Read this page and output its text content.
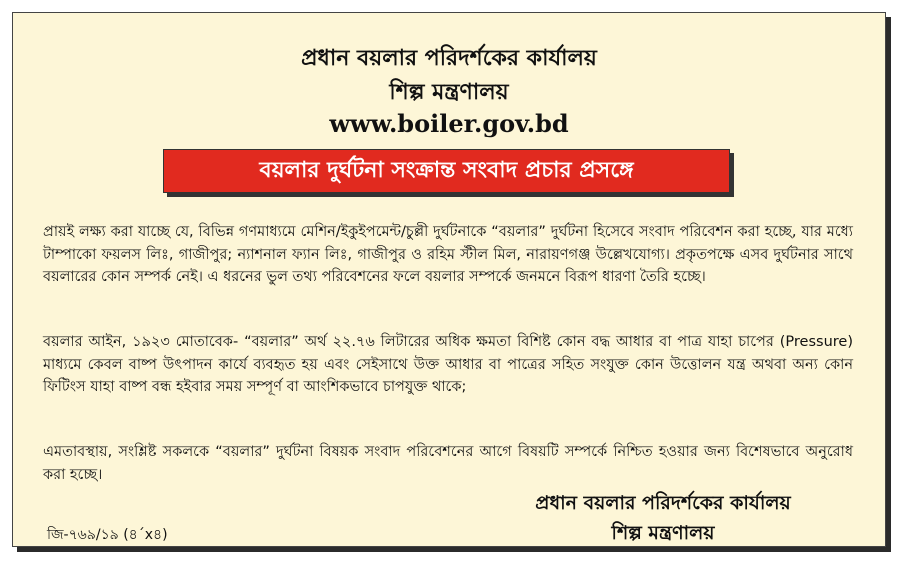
প্রধান বয়লার পরিদর্শকের কার্যালয়
শিল্প মন্ত্রণালয়
www.boiler.gov.bd
বয়লার দুর্ঘটনা সংক্রান্ত সংবাদ প্রচার প্রসঙ্গে
প্রায়ই লক্ষ্য করা যাচ্ছে যে, বিভিন্ন গণমাধ্যমে মেশিন/ইকুইপমেন্ট/চুল্লী দুর্ঘটনাকে “বয়লার” দুর্ঘটনা হিসেবে সংবাদ পরিবেশন করা হচ্ছে, যার মধ্যে টাম্পাকো ফয়লস লিঃ, গাজীপুর; ন্যাশনাল ফ্যান লিঃ, গাজীপুর ও রহিম স্টীল মিল, নারায়ণগঞ্জ উল্লেখযোগ্য। প্রকৃতপক্ষে এসব দুর্ঘটনার সাথে বয়লারের কোন সম্পর্ক নেই। এ ধরনের ভুল তথ্য পরিবেশনের ফলে বয়লার সম্পর্কে জনমনে বিরূপ ধারণা তৈরি হচ্ছে।
বয়লার আইন, ১৯২৩ মোতাবেক- “বয়লার” অর্থ ২২.৭৬ লিটারের অধিক ক্ষমতা বিশিষ্ট কোন বদ্ধ আধার বা পাত্র যাহা চাপের (Pressure) মাধ্যমে কেবল বাষ্প উৎপাদন কার্যে ব্যবহৃত হয় এবং সেইসাথে উক্ত আধার বা পাত্রের সহিত সংযুক্ত কোন উত্তোলন যন্ত্র অথবা অন্য কোন ফিটিংস যাহা বাষ্প বন্ধ হইবার সময় সম্পূর্ণ বা আংশিকভাবে চাপযুক্ত থাকে;
এমতাবস্থায়, সংশ্লিষ্ট সকলকে “বয়লার” দুর্ঘটনা বিষয়ক সংবাদ পরিবেশনের আগে বিষয়টি সম্পর্কে নিশ্চিত হওয়ার জন্য বিশেষভাবে অনুরোধ করা হচ্ছে।
জি-৭৬৯/১৯ (৪´x৪)
প্রধান বয়লার পরিদর্শকের কার্যালয়
শিল্প মন্ত্রণালয়
